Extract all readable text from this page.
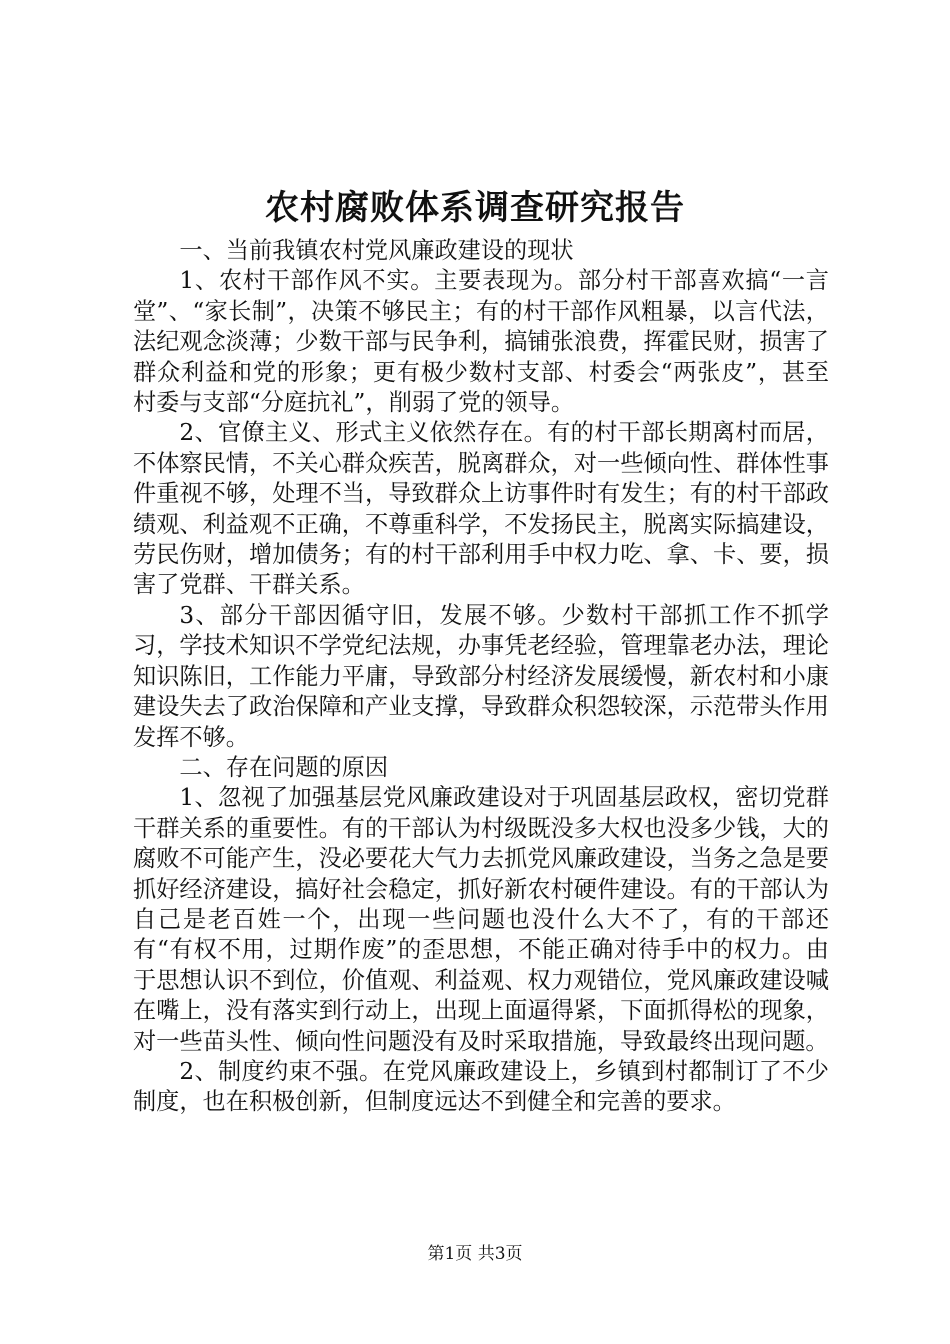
农村腐败体系调查研究报告

一、当前我镇农村党风廉政建设的现状

1、农村干部作风不实。主要表现为。部分村干部喜欢搞“一言堂”、“家长制”，决策不够民主；有的村干部作风粗暴，以言代法，法纪观念淡薄；少数干部与民争利，搞铺张浪费，挥霍民财，损害了群众利益和党的形象；更有极少数村支部、村委会“两张皮”，甚至村委与支部“分庭抗礼”，削弱了党的领导。

2、官僚主义、形式主义依然存在。有的村干部长期离村而居，不体察民情，不关心群众疾苦，脱离群众，对一些倾向性、群体性事件重视不够，处理不当，导致群众上访事件时有发生；有的村干部政绩观、利益观不正确，不尊重科学，不发扬民主，脱离实际搞建设，劳民伤财，增加债务；有的村干部利用手中权力吃、拿、卡、要，损害了党群、干群关系。

3、部分干部因循守旧，发展不够。少数村干部抓工作不抓学习，学技术知识不学党纪法规，办事凭老经验，管理靠老办法，理论知识陈旧，工作能力平庸，导致部分村经济发展缓慢，新农村和小康建设失去了政治保障和产业支撑，导致群众积怨较深，示范带头作用发挥不够。

二、存在问题的原因

1、忽视了加强基层党风廉政建设对于巩固基层政权，密切党群干群关系的重要性。有的干部认为村级既没多大权也没多少钱，大的腐败不可能产生，没必要花大气力去抓党风廉政建设，当务之急是要抓好经济建设，搞好社会稳定，抓好新农村硬件建设。有的干部认为自己是老百姓一个，出现一些问题也没什么大不了，有的干部还有“有权不用，过期作废”的歪思想，不能正确对待手中的权力。由于思想认识不到位，价值观、利益观、权力观错位，党风廉政建设喊在嘴上，没有落实到行动上，出现上面逼得紧，下面抓得松的现象，对一些苗头性、倾向性问题没有及时采取措施，导致最终出现问题。

2、制度约束不强。在党风廉政建设上，乡镇到村都制订了不少制度，也在积极创新，但制度远达不到健全和完善的要求。

第1页 共3页
